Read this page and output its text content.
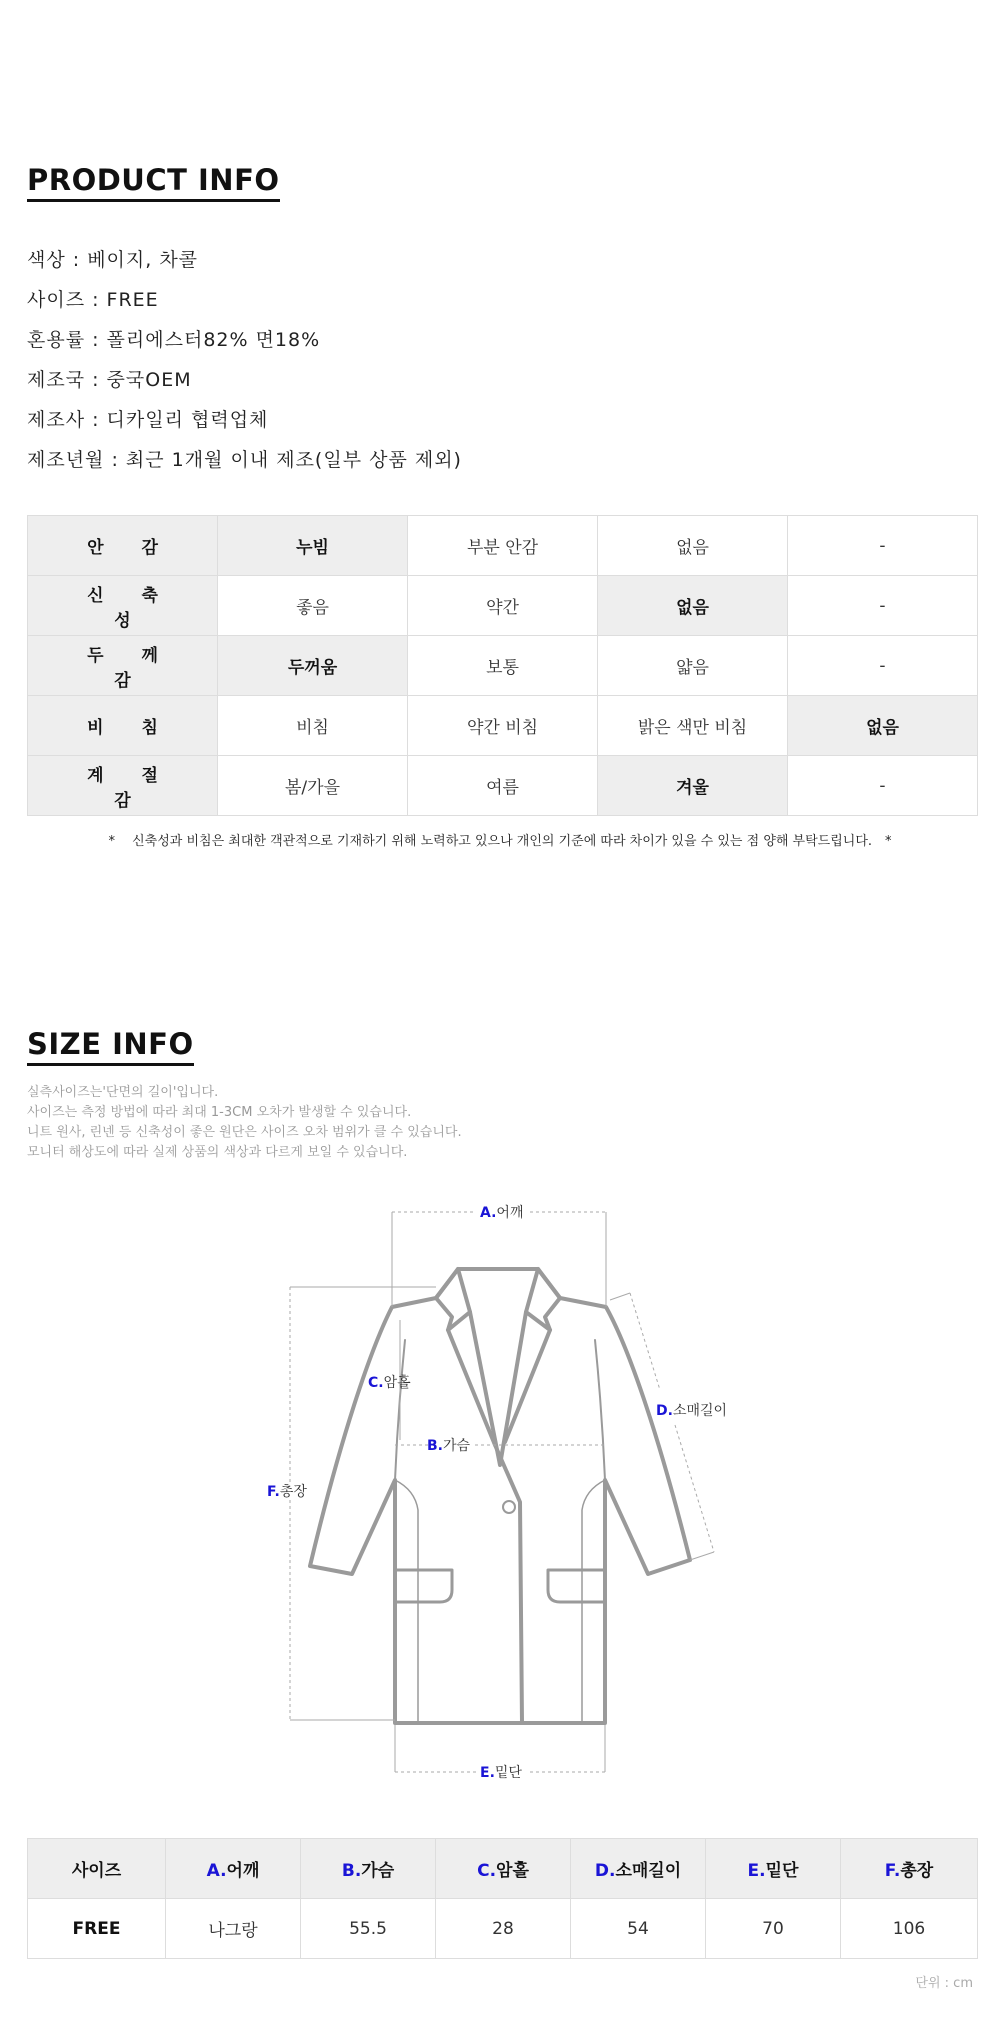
PRODUCT INFO
색상 : 베이지, 차콜
사이즈 : FREE
혼용률 : 폴리에스터82% 면18%
제조국 : 중국OEM
제조사 : 디카일리 협력업체
제조년월 : 최근 1개월 이내 제조(일부 상품 제외)
안감	누빔	부분 안감	없음	-
신축성	좋음	약간	없음	-
두께감	두꺼움	보통	얇음	-
비침	비침	약간 비침	밝은 색만 비침	없음
계절감	봄/가을	여름	겨울	-
*　 신축성과 비침은 최대한 객관적으로 기재하기 위해 노력하고 있으나 개인의 기준에 따라 차이가 있을 수 있는 점 양해 부탁드립니다.　*
SIZE INFO
실측사이즈는'단면의 길이'입니다.
사이즈는 측정 방법에 따라 최대 1-3CM 오차가 발생할 수 있습니다.
니트 원사, 린넨 등 신축성이 좋은 원단은 사이즈 오차 범위가 클 수 있습니다.
모니터 해상도에 따라 실제 상품의 색상과 다르게 보일 수 있습니다.
A.어깨
C.암홀
B.가슴
D.소매길이
F.총장
E.밑단
사이즈	A.어깨	B.가슴	C.암홀	D.소매길이	E.밑단	F.총장
FREE	나그랑	55.5	28	54	70	106
단위 : cm
